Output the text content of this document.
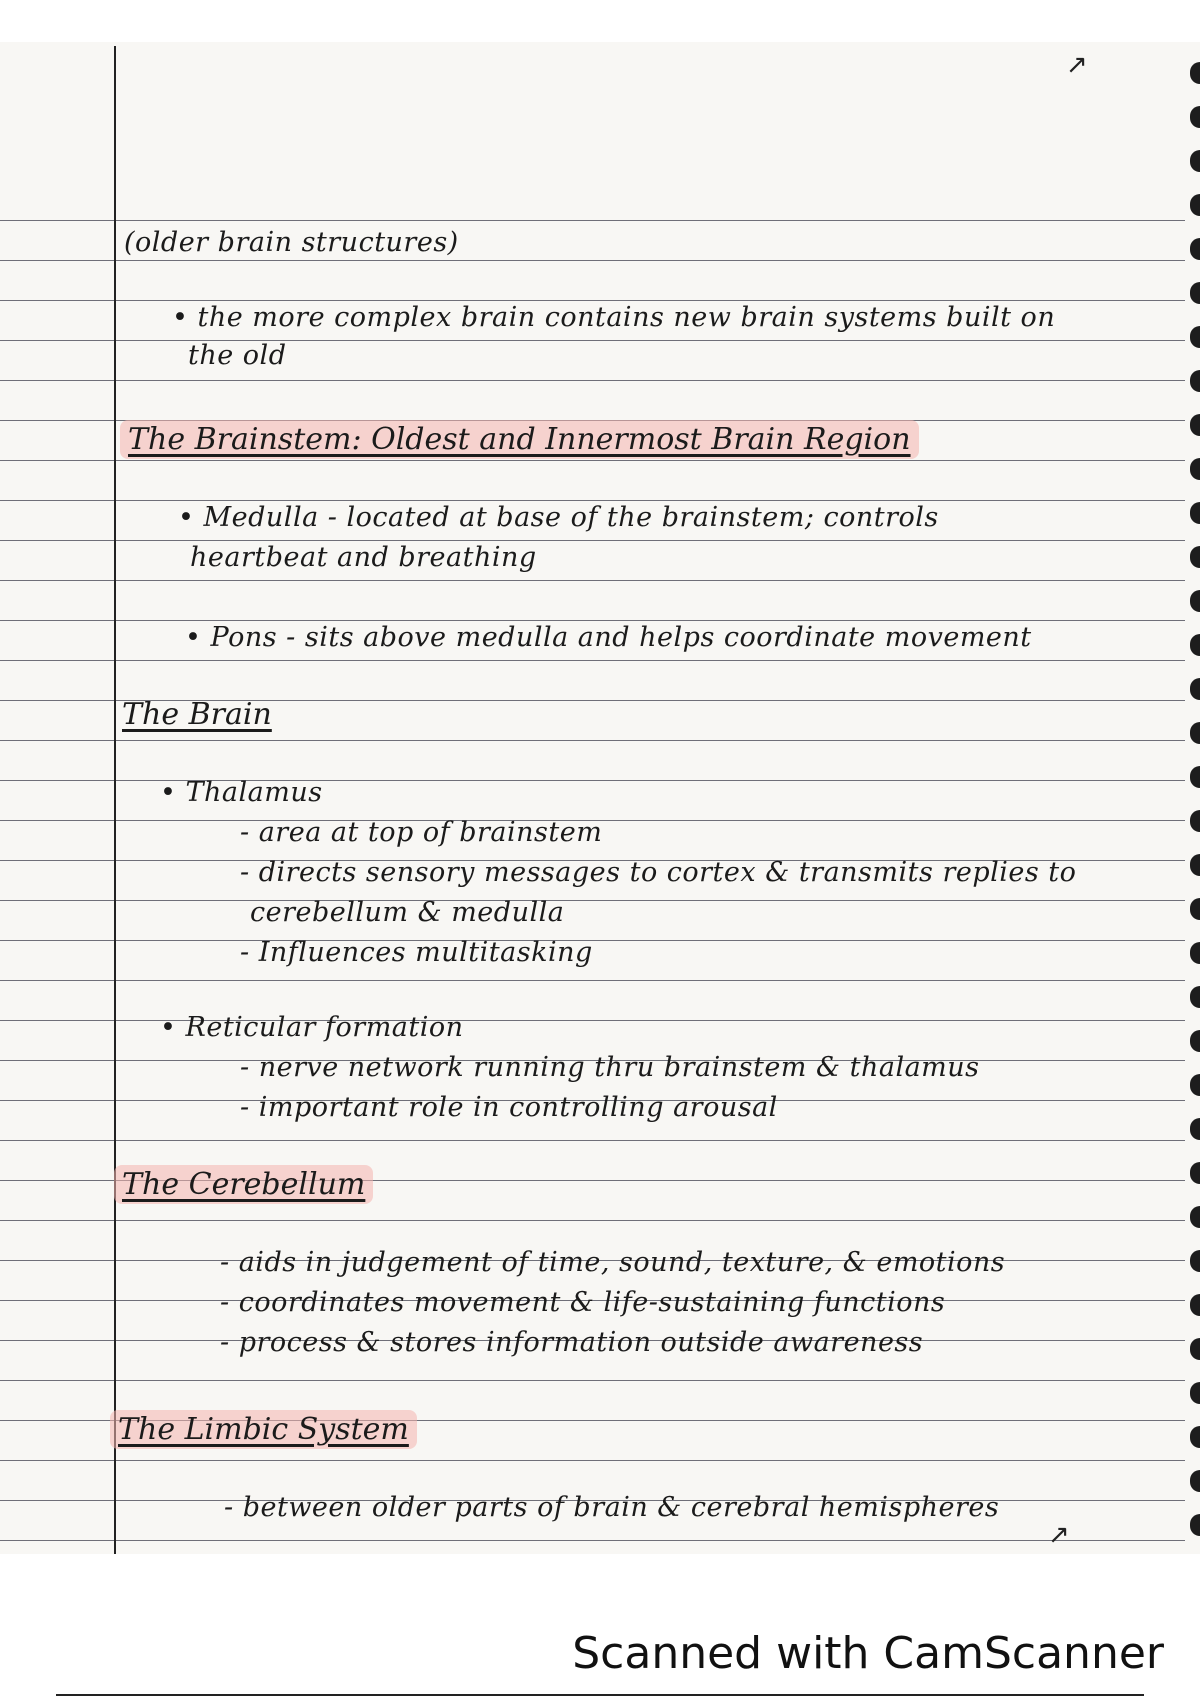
↗
(older brain structures)
• the more complex brain contains new brain systems built on
the old
The Brainstem: Oldest and Innermost Brain Region
• Medulla - located at base of the brainstem; controls
heartbeat and breathing
• Pons - sits above medulla and helps coordinate movement
The Brain
• Thalamus
- area at top of brainstem
- directs sensory messages to cortex & transmits replies to
cerebellum & medulla
- Influences multitasking
• Reticular formation
- nerve network running thru brainstem & thalamus
- important role in controlling arousal
The Cerebellum
- aids in judgement of time, sound, texture, & emotions
- coordinates movement & life-sustaining functions
- process & stores information outside awareness
The Limbic System
- between older parts of brain & cerebral hemispheres
↗
Scanned with CamScanner
